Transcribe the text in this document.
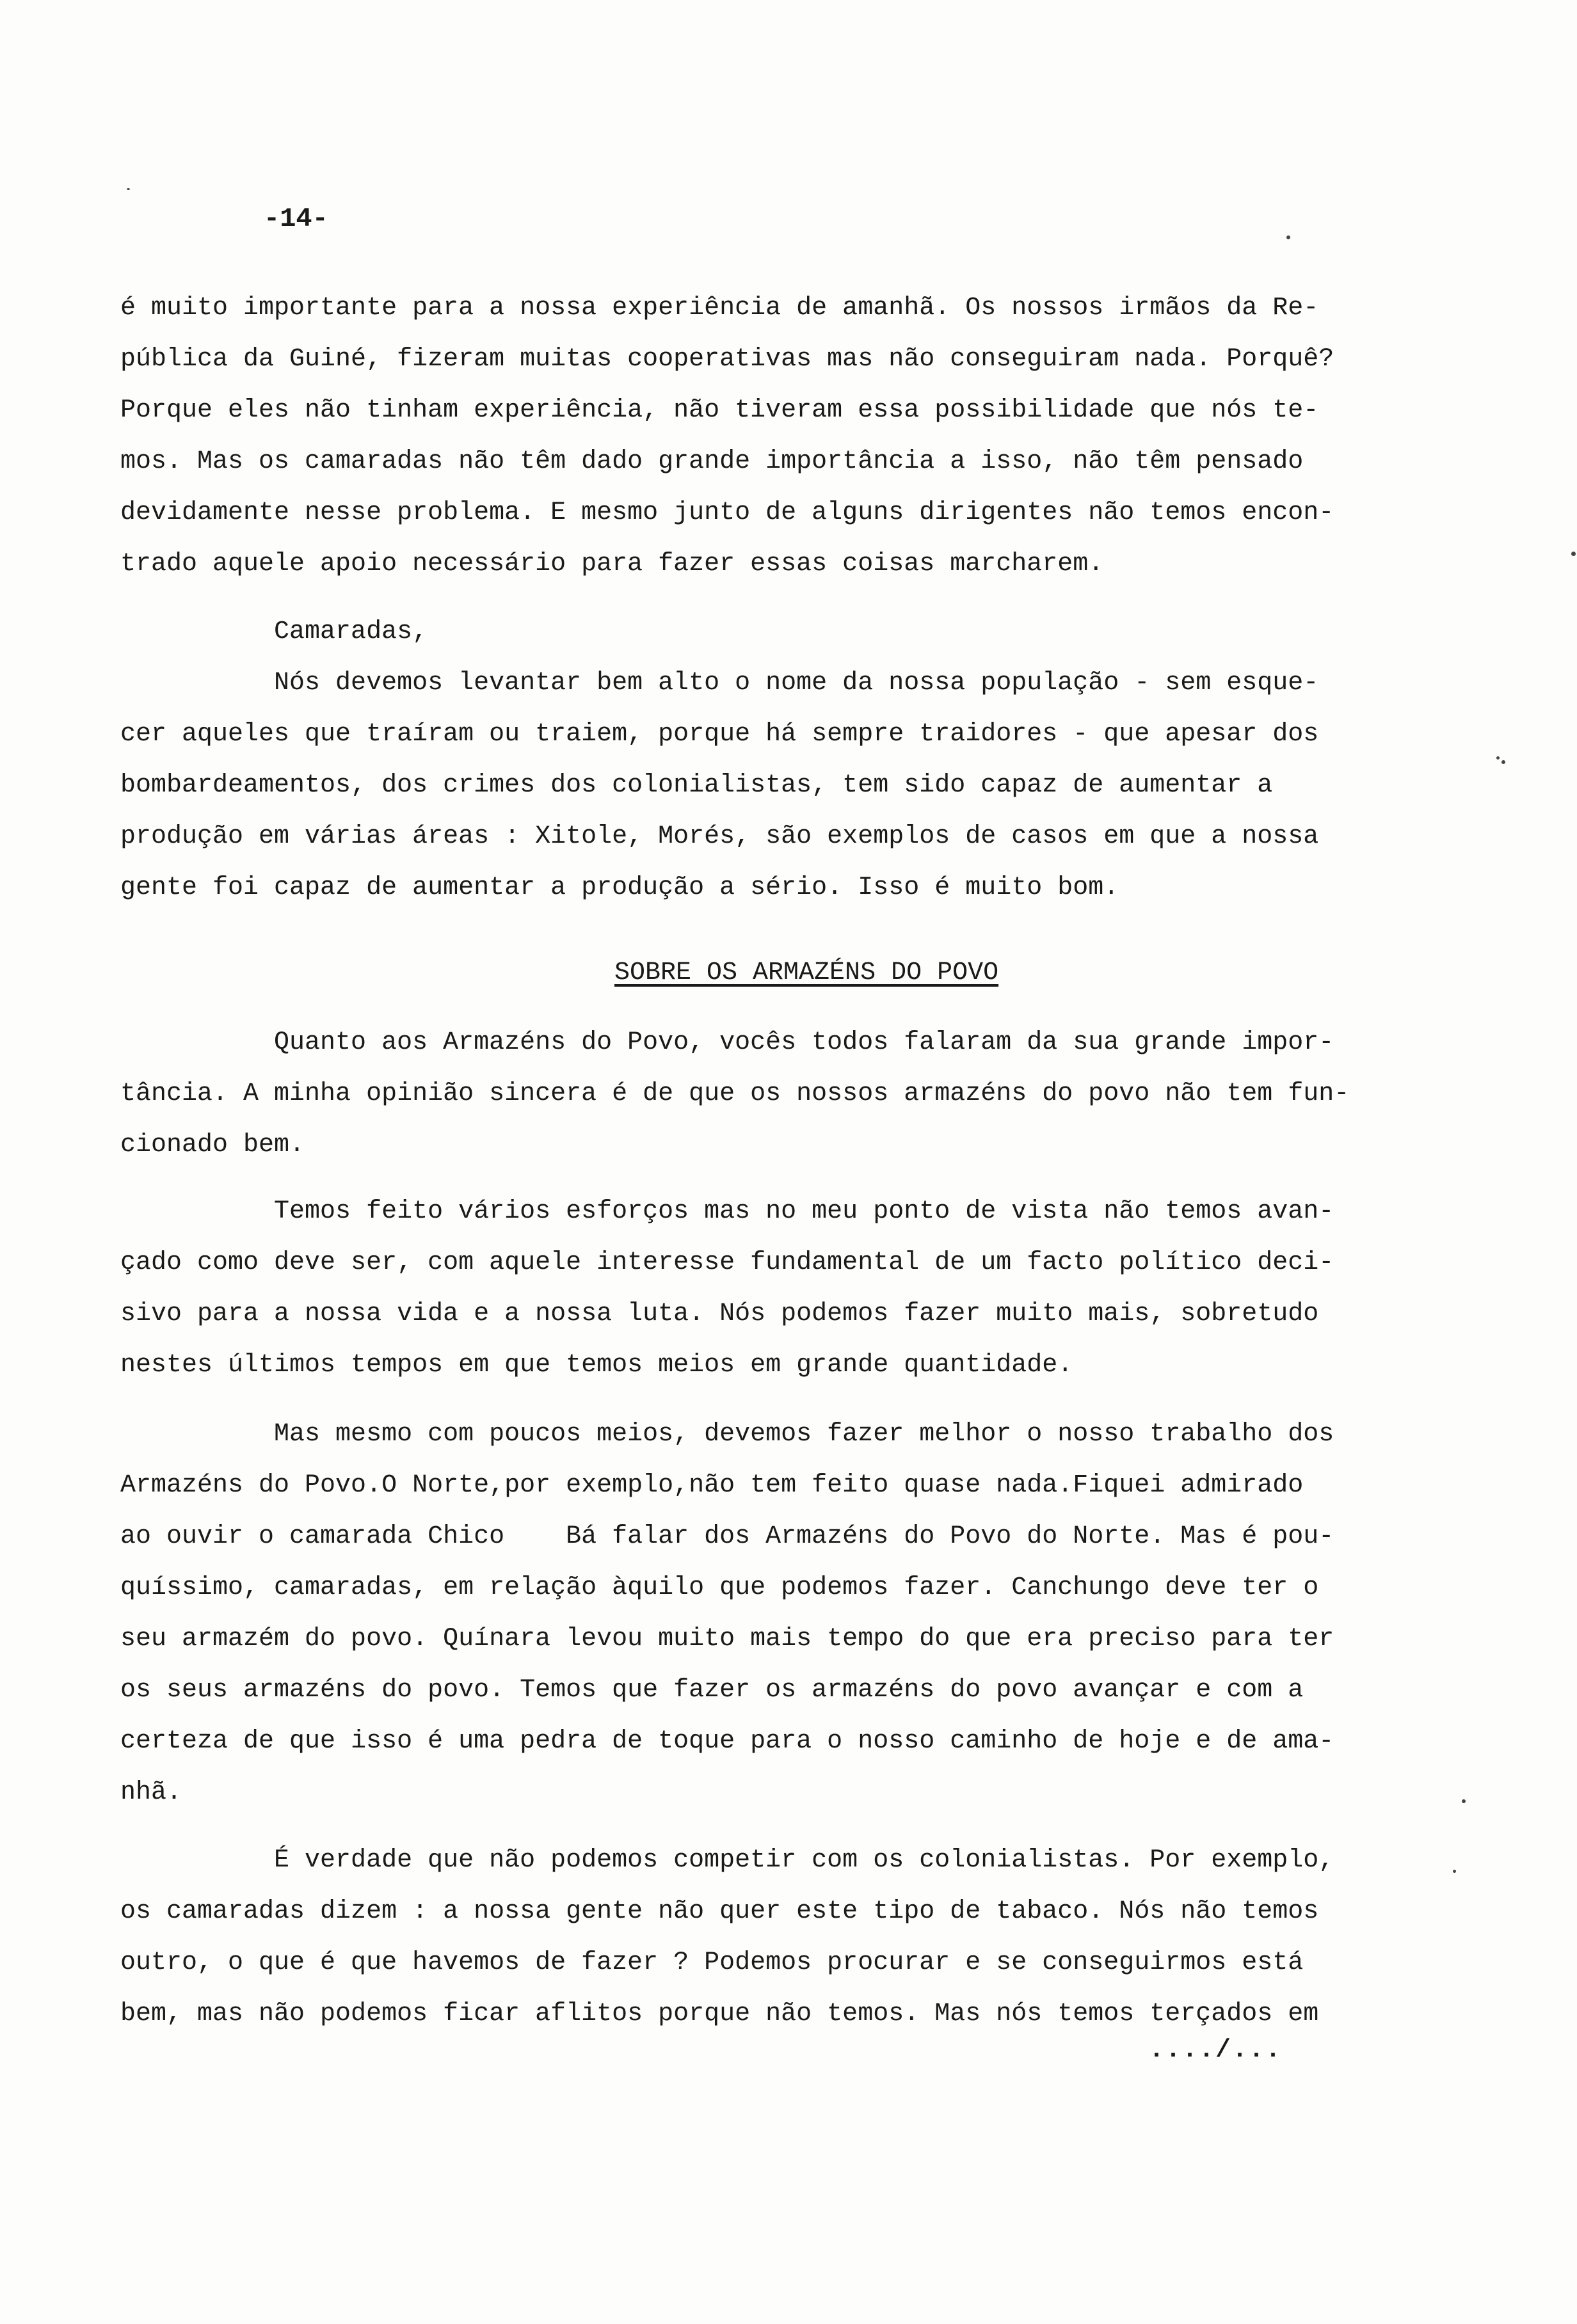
-14-
é muito importante para a nossa experiência de amanhã. Os nossos irmãos da Re-
pública da Guiné, fizeram muitas cooperativas mas não conseguiram nada. Porquê?
Porque eles não tinham experiência, não tiveram essa possibilidade que nós te-
mos. Mas os camaradas não têm dado grande importância a isso, não têm pensado
devidamente nesse problema. E mesmo junto de alguns dirigentes não temos encon-
trado aquele apoio necessário para fazer essas coisas marcharem.
Camaradas,
Nós devemos levantar bem alto o nome da nossa população - sem esque-
cer aqueles que traíram ou traiem, porque há sempre traidores - que apesar dos
bombardeamentos, dos crimes dos colonialistas, tem sido capaz de aumentar a
produção em várias áreas : Xitole, Morés, são exemplos de casos em que a nossa
gente foi capaz de aumentar a produção a sério. Isso é muito bom.
SOBRE OS ARMAZÉNS DO POVO
Quanto aos Armazéns do Povo, vocês todos falaram da sua grande impor-
tância. A minha opinião sincera é de que os nossos armazéns do povo não tem fun-
cionado bem.
Temos feito vários esforços mas no meu ponto de vista não temos avan-
çado como deve ser, com aquele interesse fundamental de um facto político deci-
sivo para a nossa vida e a nossa luta. Nós podemos fazer muito mais, sobretudo
nestes últimos tempos em que temos meios em grande quantidade.
Mas mesmo com poucos meios, devemos fazer melhor o nosso trabalho dos
Armazéns do Povo.O Norte,por exemplo,não tem feito quase nada.Fiquei admirado
ao ouvir o camarada Chico    Bá falar dos Armazéns do Povo do Norte. Mas é pou-
quíssimo, camaradas, em relação àquilo que podemos fazer. Canchungo deve ter o
seu armazém do povo. Quínara levou muito mais tempo do que era preciso para ter
os seus armazéns do povo. Temos que fazer os armazéns do povo avançar e com a
certeza de que isso é uma pedra de toque para o nosso caminho de hoje e de ama-
nhã.
É verdade que não podemos competir com os colonialistas. Por exemplo,
os camaradas dizem : a nossa gente não quer este tipo de tabaco. Nós não temos
outro, o que é que havemos de fazer ? Podemos procurar e se conseguirmos está
bem, mas não podemos ficar aflitos porque não temos. Mas nós temos terçados em
..../...
